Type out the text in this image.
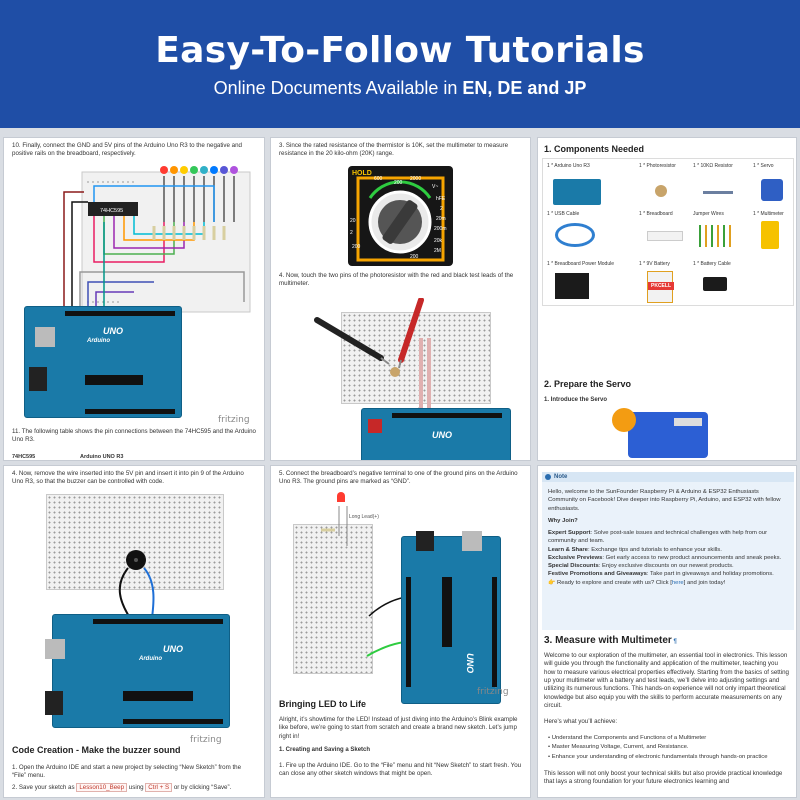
Easy-To-Follow Tutorials
Online Documents Available in EN, DE and JP
10. Finally, connect the GND and 5V pins of the Arduino Uno R3 to the negative and positive rails on the breadboard, respectively.
74HC595
UNO
Arduino
fritzing
11. The following table shows the pin connections between the 74HC595 and the Arduino Uno R3.
74HC595	Arduino UNO R3
3. Since the rated resistance of the thermistor is 10K, set the multimeter to measure resistance in the 20 kilo-ohm (20K) range.
HOLD
600
200
2000
V~
20
2
200
hFE
2
20m
200m
20k
2M
200
4. Now, touch the two pins of the photoresistor with the red and black test leads of the multimeter.
UNO
1. Components Needed
1 * Arduino Uno R3	1 * Photoresistor	1 * 10KΩ Resistor	1 * Servo
1 * USB Cable	1 * Breadboard	Jumper Wires	1 * Multimeter
1 * Breadboard Power Module	1 * 9V Battery	1 * Battery Cable
PKCELL
2. Prepare the Servo
1. Introduce the Servo
4. Now, remove the wire inserted into the 5V pin and insert it into pin 9 of the Arduino Uno R3, so that the buzzer can be controlled with code.
UNO
Arduino
fritzing
Code Creation - Make the buzzer sound
1. Open the Arduino IDE and start a new project by selecting “New Sketch” from the “File” menu.
2. Save your sketch as Lesson10_Beep using Ctrl + S or by clicking “Save”.
5. Connect the breadboard’s negative terminal to one of the ground pins on the Arduino Uno R3. The ground pins are marked as “GND”.
Long Lead(+)
UNO
fritzing
Bringing LED to Life
Alright, it’s showtime for the LED! Instead of just diving into the Arduino’s Blink example like before, we’re going to start from scratch and create a brand new sketch. Let’s jump right in!
1. Creating and Saving a Sketch
1. Fire up the Arduino IDE. Go to the “File” menu and hit “New Sketch” to start fresh. You can close any other sketch windows that might be open.
Note

Hello, welcome to the SunFounder Raspberry Pi & Arduino & ESP32 Enthusiasts Community on Facebook! Dive deeper into Raspberry Pi, Arduino, and ESP32 with fellow enthusiasts.

Why Join?

Expert Support: Solve post-sale issues and technical challenges with help from our community and team.
Learn & Share: Exchange tips and tutorials to enhance your skills.
Exclusive Previews: Get early access to new product announcements and sneak peeks.
Special Discounts: Enjoy exclusive discounts on our newest products.
Festive Promotions and Giveaways: Take part in giveaways and holiday promotions.
👉 Ready to explore and create with us? Click [here] and join today!
3. Measure with Multimeter ¶
Welcome to our exploration of the multimeter, an essential tool in electronics. This lesson will guide you through the functionality and application of the multimeter, teaching you how to measure various electrical properties effectively. Starting from the basics of setting up your multimeter with a battery and test leads, we’ll delve into adjusting settings and utilizing its numerous functions. This hands-on experience will not only impart theoretical knowledge but also equip you with the skills to perform accurate measurements on any circuit.
Here’s what you’ll achieve:
• Understand the Components and Functions of a Multimeter
• Master Measuring Voltage, Current, and Resistance.
• Enhance your understanding of electronic fundamentals through hands-on practice
This lesson will not only boost your technical skills but also provide practical knowledge that lays a strong foundation for your future electronics learning and
